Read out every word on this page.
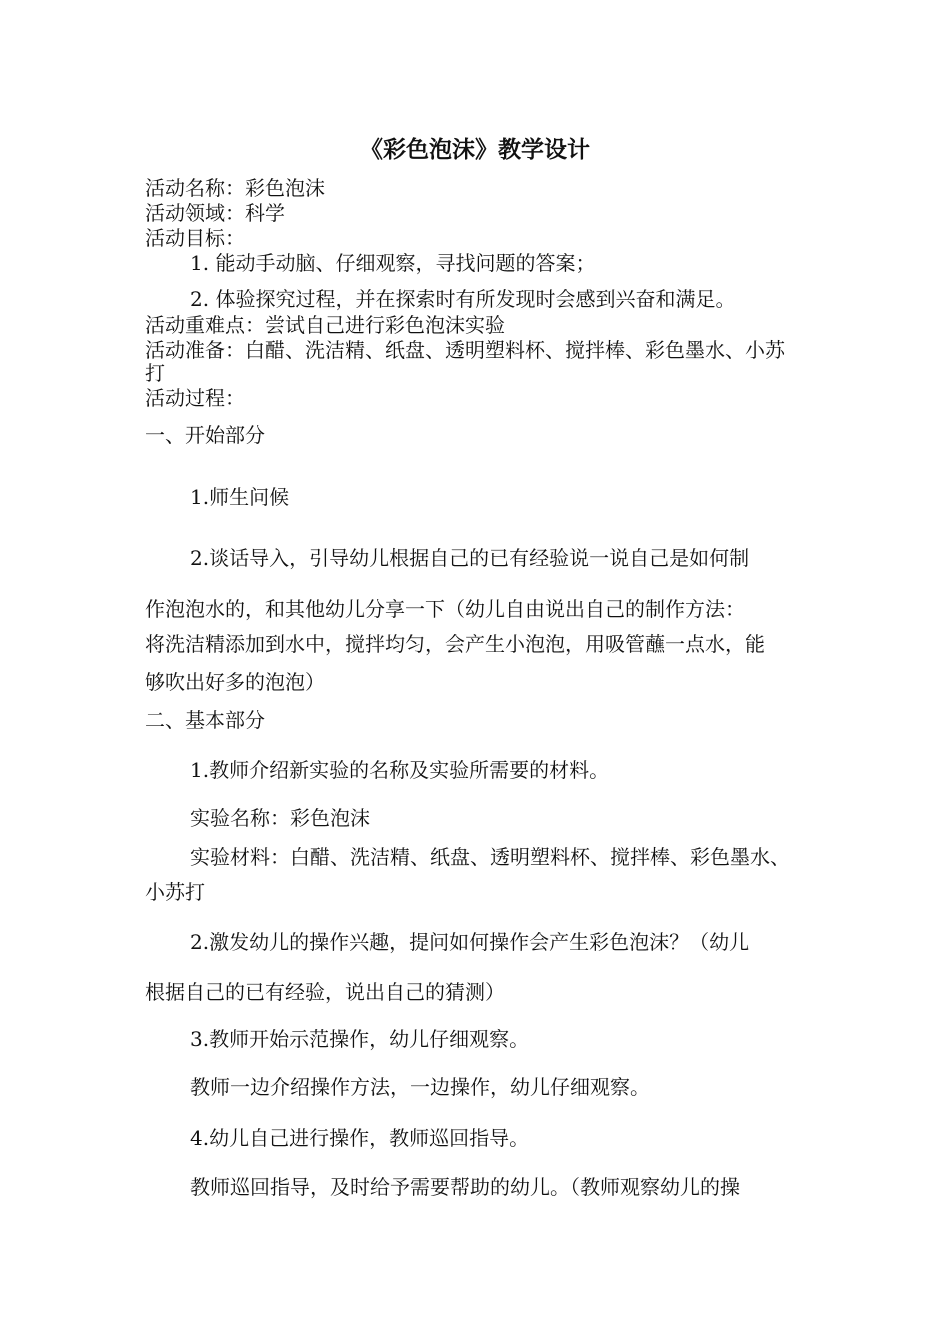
《彩色泡沫》教学设计

活动名称：彩色泡沫

活动领域：科学

活动目标：

1. 能动手动脑、仔细观察，寻找问题的答案；

2. 体验探究过程，并在探索时有所发现时会感到兴奋和满足。

活动重难点：尝试自己进行彩色泡沫实验

活动准备：白醋、洗洁精、纸盘、透明塑料杯、搅拌棒、彩色墨水、小苏

打

活动过程：

一、开始部分

1.师生问候

2.谈话导入，引导幼儿根据自己的已有经验说一说自己是如何制

作泡泡水的，和其他幼儿分享一下（幼儿自由说出自己的制作方法：

将洗洁精添加到水中，搅拌均匀，会产生小泡泡，用吸管蘸一点水，能

够吹出好多的泡泡）

二、基本部分

1.教师介绍新实验的名称及实验所需要的材料。

实验名称：彩色泡沫

实验材料：白醋、洗洁精、纸盘、透明塑料杯、搅拌棒、彩色墨水、

小苏打

2.激发幼儿的操作兴趣，提问如何操作会产生彩色泡沫？（幼儿

根据自己的已有经验，说出自己的猜测）

3.教师开始示范操作，幼儿仔细观察。

教师一边介绍操作方法，一边操作，幼儿仔细观察。

4.幼儿自己进行操作，教师巡回指导。

教师巡回指导，及时给予需要帮助的幼儿。（教师观察幼儿的操
